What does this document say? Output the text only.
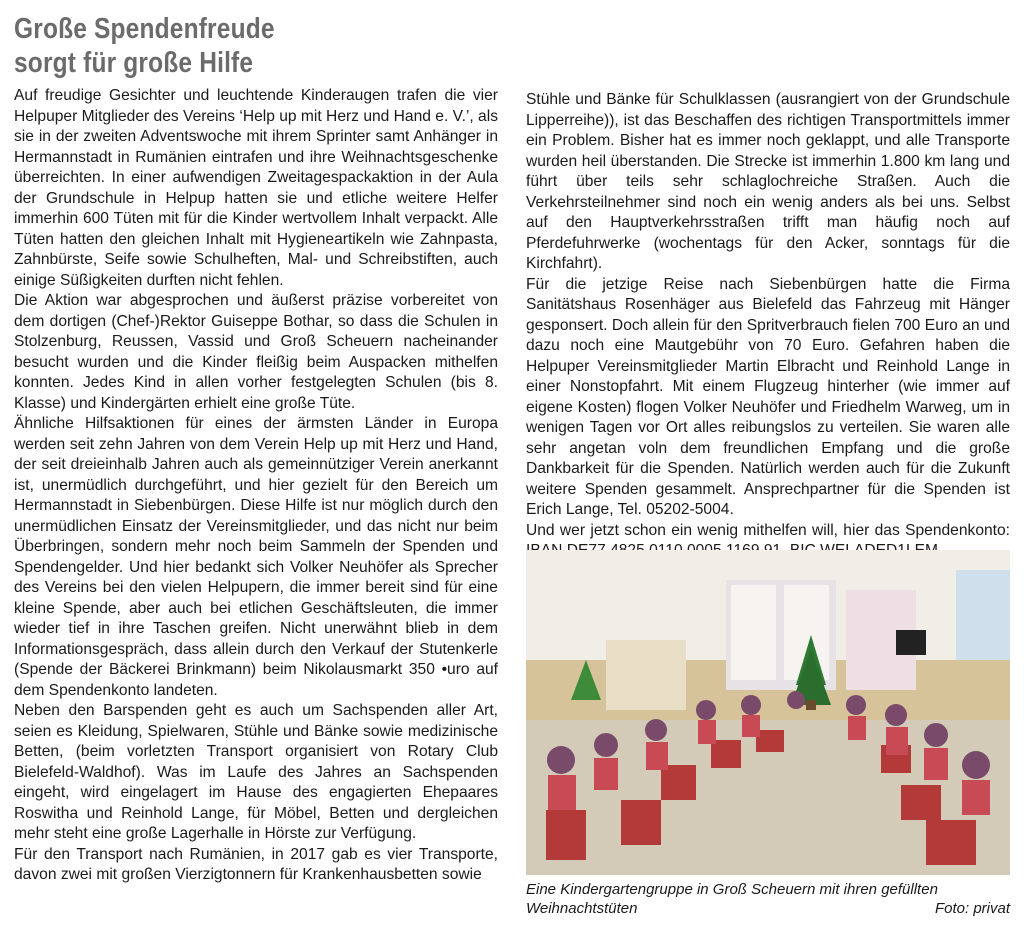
Große Spendenfreude
sorgt für große Hilfe

Auf freudige Gesichter und leuchtende Kinderaugen trafen die vier Helpuper Mitglieder des Vereins ‘Help up mit Herz und Hand e. V.’, als sie in der zweiten Adventswoche mit ihrem Sprinter samt Anhänger in Hermannstadt in Rumänien eintrafen und ihre Weihnachtsgeschenke überreichten. In einer aufwendigen Zweitagespackaktion in der Aula der Grundschule in Helpup hatten sie und etliche weitere Helfer immerhin 600 Tüten mit für die Kinder wertvollem Inhalt verpackt. Alle Tüten hatten den gleichen Inhalt mit Hygieneartikeln wie Zahnpasta, Zahnbürste, Seife sowie Schulheften, Mal- und Schreibstiften, auch einige Süßigkeiten durften nicht fehlen.

Die Aktion war abgesprochen und äußerst präzise vorbereitet von dem dortigen (Chef-)Rektor Guiseppe Bothar, so dass die Schulen in Stolzenburg, Reussen, Vassid und Groß Scheuern nacheinander besucht wurden und die Kinder fleißig beim Auspacken mithelfen konnten. Jedes Kind in allen vorher festgelegten Schulen (bis 8. Klasse) und Kindergärten erhielt eine große Tüte.

Ähnliche Hilfsaktionen für eines der ärmsten Länder in Europa werden seit zehn Jahren von dem Verein Help up mit Herz und Hand, der seit dreieinhalb Jahren auch als gemeinnütziger Verein anerkannt ist, unermüdlich durchgeführt, und hier gezielt für den Bereich um Hermannstadt in Siebenbürgen. Diese Hilfe ist nur möglich durch den unermüdlichen Einsatz der Vereinsmitglieder, und das nicht nur beim Überbringen, sondern mehr noch beim Sammeln der Spenden und Spendengelder. Und hier bedankt sich Volker Neuhöfer als Sprecher des Vereins bei den vielen Helpupern, die immer bereit sind für eine kleine Spende, aber auch bei etlichen Geschäftsleuten, die immer wieder tief in ihre Taschen greifen. Nicht unerwähnt blieb in dem Informationsgespräch, dass allein durch den Verkauf der Stutenkerle (Spende der Bäckerei Brinkmann) beim Nikolausmarkt 350 •uro auf dem Spendenkonto landeten.

Neben den Barspenden geht es auch um Sachspenden aller Art, seien es Kleidung, Spielwaren, Stühle und Bänke sowie medizinische Betten, (beim vorletzten Transport organisiert von Rotary Club Bielefeld-Waldhof). Was im Laufe des Jahres an Sachspenden eingeht, wird eingelagert im Hause des engagierten Ehepaares Roswitha und Reinhold Lange, für Möbel, Betten und dergleichen mehr steht eine große Lagerhalle in Hörste zur Verfügung.

Für den Transport nach Rumänien, in 2017 gab es vier Transporte, davon zwei mit großen Vierzigtonnern für Krankenhausbetten sowie

Stühle und Bänke für Schulklassen (ausrangiert von der Grundschule Lipperreihe)), ist das Beschaffen des richtigen Transportmittels immer ein Problem. Bisher hat es immer noch geklappt, und alle Transporte wurden heil überstanden. Die Strecke ist immerhin 1.800 km lang und führt über teils sehr schlaglochreiche Straßen. Auch die Verkehrsteilnehmer sind noch ein wenig anders als bei uns. Selbst auf den Hauptverkehrsstraßen trifft man häufig noch auf Pferdefuhrwerke (wochentags für den Acker, sonntags für die Kirchfahrt).

Für die jetzige Reise nach Siebenbürgen hatte die Firma Sanitätshaus Rosenhäger aus Bielefeld das Fahrzeug mit Hänger gesponsert. Doch allein für den Spritverbrauch fielen 700 Euro an und dazu noch eine Mautgebühr von 70 Euro. Gefahren haben die Helpuper Vereinsmitglieder Martin Elbracht und Reinhold Lange in einer Nonstopfahrt. Mit einem Flugzeug hinterher (wie immer auf eigene Kosten) flogen Volker Neuhöfer und Friedhelm Warweg, um in wenigen Tagen vor Ort alles reibungslos zu verteilen. Sie waren alle sehr angetan voln dem freundlichen Empfang und die große Dankbarkeit für die Spenden. Natürlich werden auch für die Zukunft weitere Spenden gesammelt. Ansprechpartner für die Spenden ist Erich Lange, Tel. 05202-5004.

Und wer jetzt schon ein wenig mithelfen will, hier das Spendenkonto:

Eine Kindergartengruppe in Groß Scheuern mit ihren gefüllten Weihnachtstüten	Foto: privat
